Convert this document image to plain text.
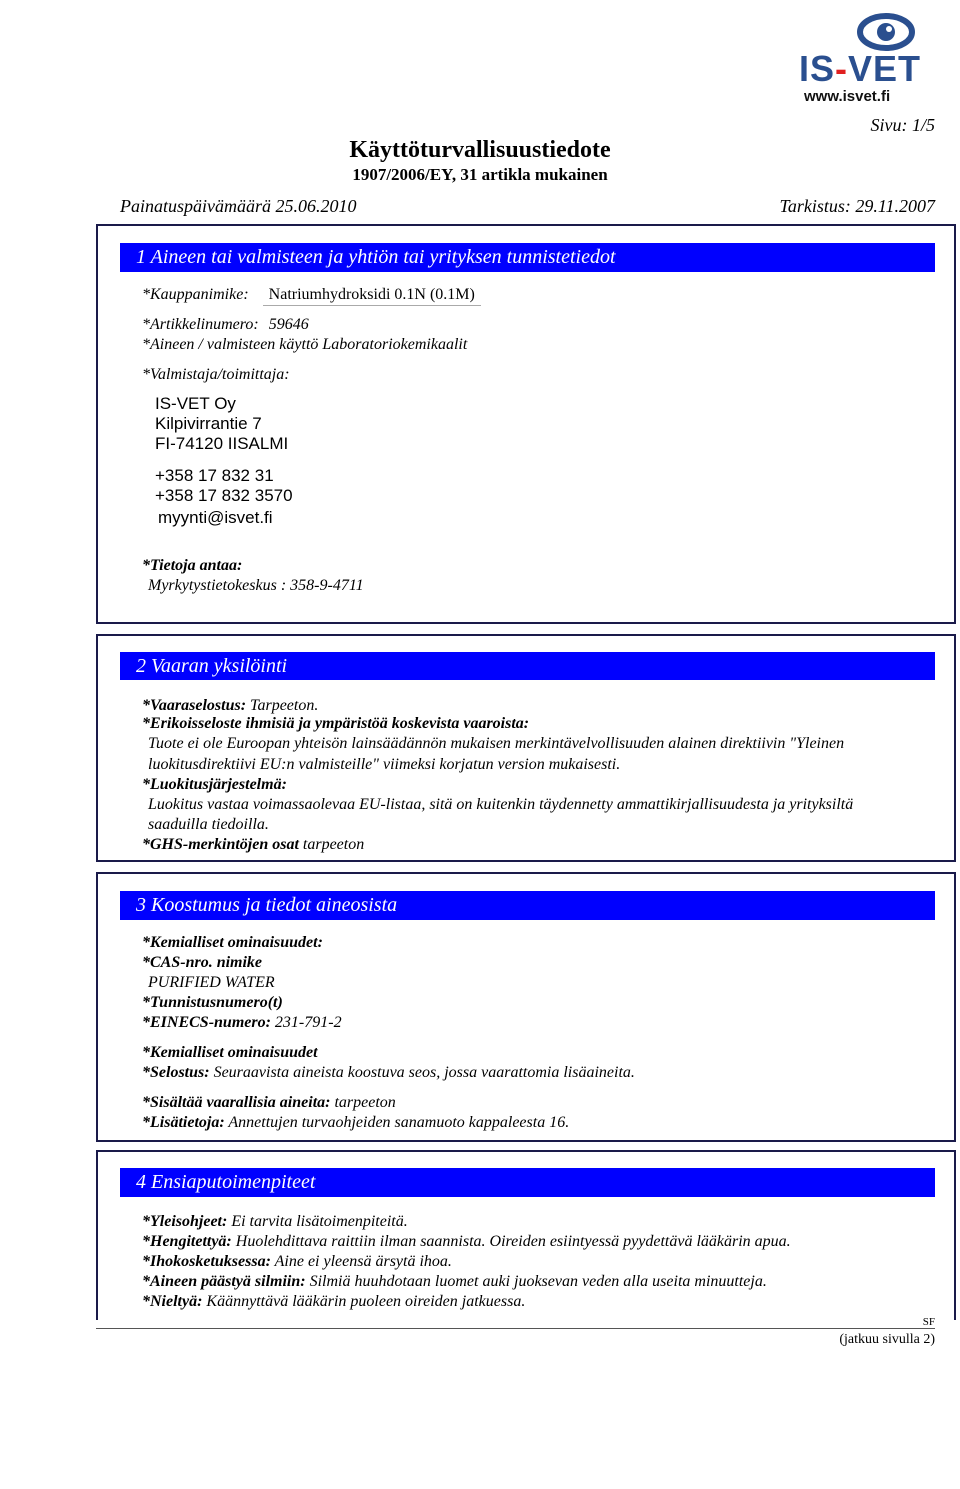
IS-VET
www.isvet.fi
Sivu: 1/5
Käyttöturvallisuustiedote
1907/2006/EY, 31 artikla mukainen
Painatuspäivämäärä 25.06.2010	Tarkistus: 29.11.2007
1 Aineen tai valmisteen ja yhtiön tai yrityksen tunnistetiedot
*Kauppanimike: Natriumhydroksidi 0.1N (0.1M)
*Artikkelinumero: 59646
*Aineen / valmisteen käyttö Laboratoriokemikaalit
*Valmistaja/toimittaja:
IS-VET Oy
Kilpivirrantie 7
FI-74120 IISALMI
+358 17 832 31
+358 17 832 3570
myynti@isvet.fi
*Tietoja antaa:
Myrkytystietokeskus : 358-9-4711
2 Vaaran yksilöinti
*Vaaraselostus: Tarpeeton.
*Erikoisseloste ihmisiä ja ympäristöä koskevista vaaroista:
Tuote ei ole Euroopan yhteisön lainsäädännön mukaisen merkintävelvollisuuden alainen direktiivin "Yleinen
luokitusdirektiivi EU:n valmisteille" viimeksi korjatun version mukaisesti.
*Luokitusjärjestelmä:
Luokitus vastaa voimassaolevaa EU-listaa, sitä on kuitenkin täydennetty ammattikirjallisuudesta ja yrityksiltä
saaduilla tiedoilla.
*GHS-merkintöjen osat tarpeeton
3 Koostumus ja tiedot aineosista
*Kemialliset ominaisuudet:
*CAS-nro. nimike
PURIFIED WATER
*Tunnistusnumero(t)
*EINECS-numero: 231-791-2
*Kemialliset ominaisuudet
*Selostus: Seuraavista aineista koostuva seos, jossa vaarattomia lisäaineita.
*Sisältää vaarallisia aineita: tarpeeton
*Lisätietoja: Annettujen turvaohjeiden sanamuoto kappaleesta 16.
4 Ensiaputoimenpiteet
*Yleisohjeet: Ei tarvita lisätoimenpiteitä.
*Hengitettyä: Huolehdittava raittiin ilman saannista. Oireiden esiintyessä pyydettävä lääkärin apua.
*Ihokosketuksessa: Aine ei yleensä ärsytä ihoa.
*Aineen päästyä silmiin: Silmiä huuhdotaan luomet auki juoksevan veden alla useita minuutteja.
*Nieltyä: Käännyttävä lääkärin puoleen oireiden jatkuessa.
SF
(jatkuu sivulla 2)
